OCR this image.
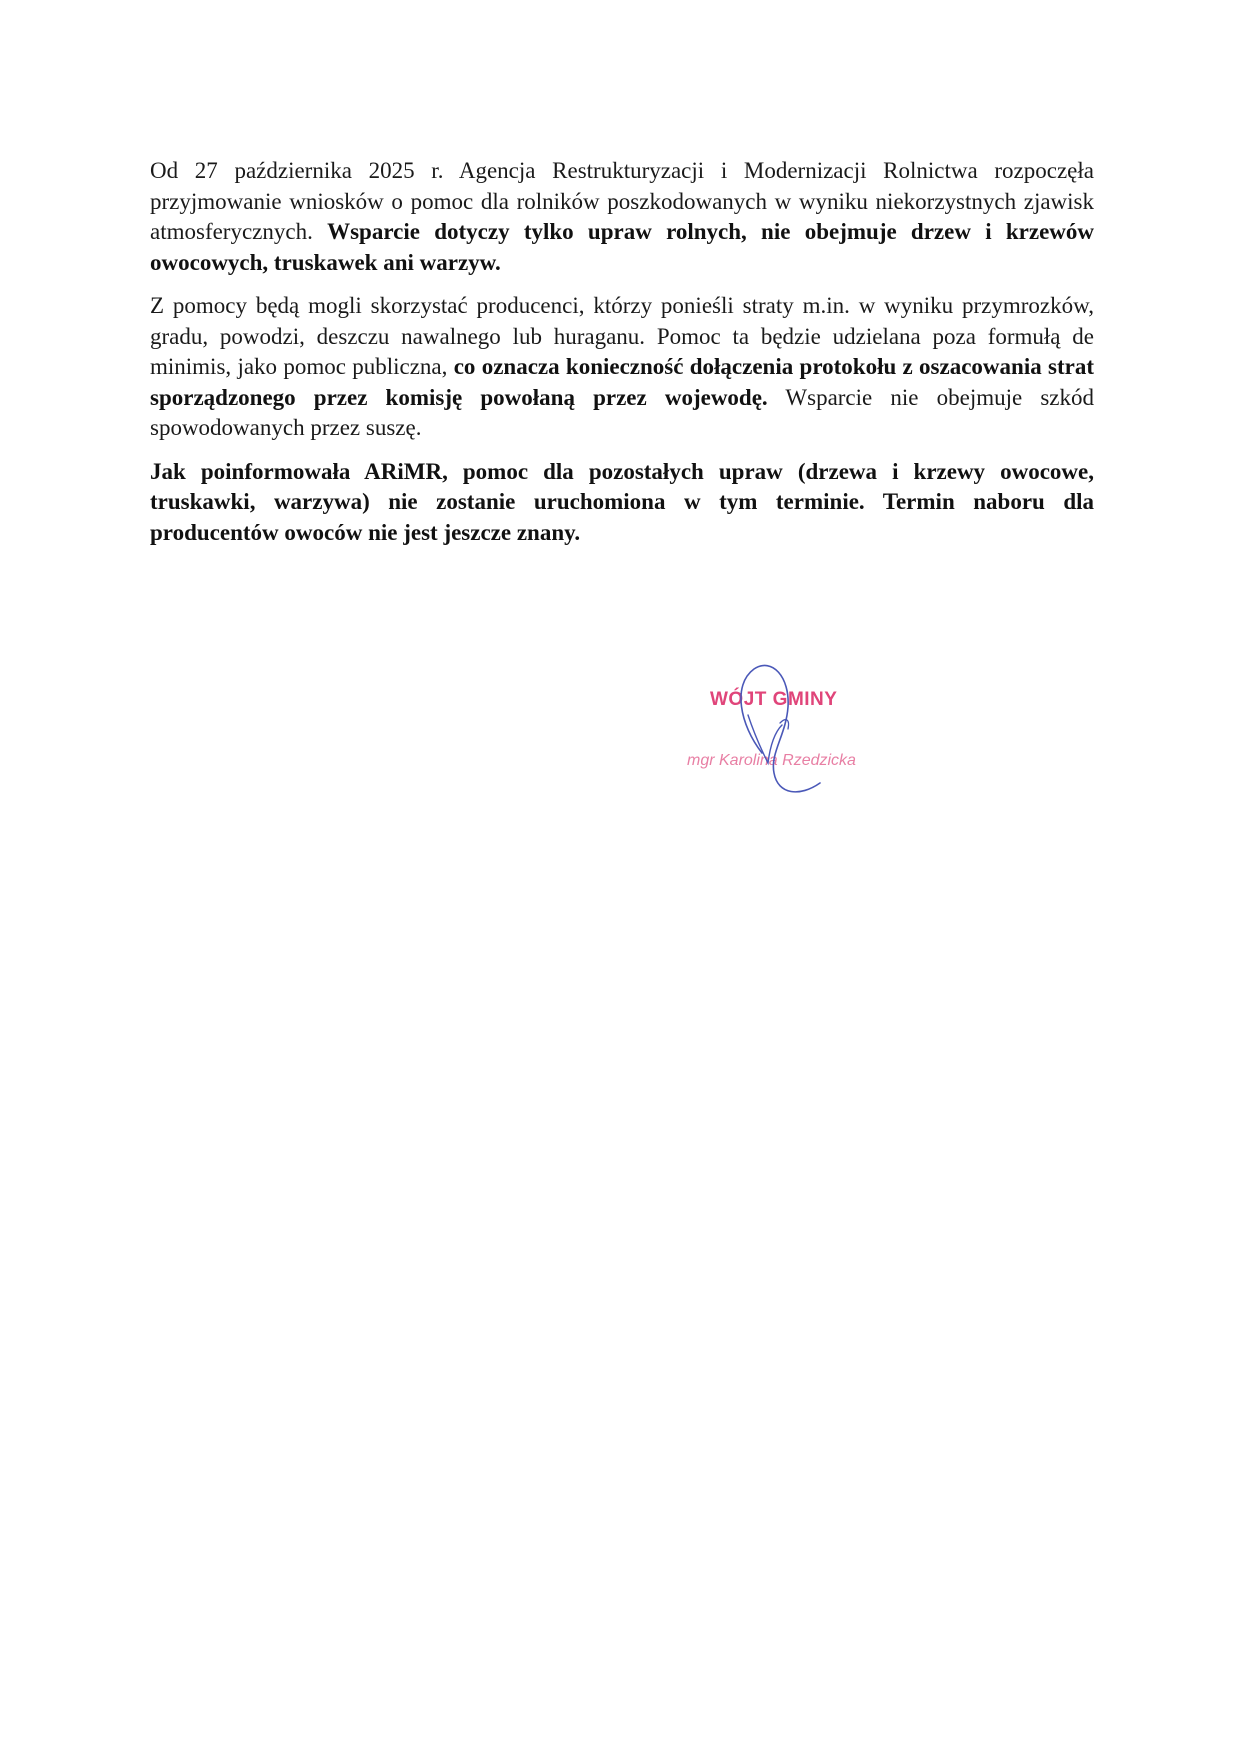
Od 27 października 2025 r. Agencja Restrukturyzacji i Modernizacji Rolnictwa rozpoczęła przyjmowanie wniosków o pomoc dla rolników poszkodowanych w wyniku niekorzystnych zjawisk atmosferycznych. Wsparcie dotyczy tylko upraw rolnych, nie obejmuje drzew i krzewów owocowych, truskawek ani warzyw.

Z pomocy będą mogli skorzystać producenci, którzy ponieśli straty m.in. w wyniku przymrozków, gradu, powodzi, deszczu nawalnego lub huraganu. Pomoc ta będzie udzielana poza formułą de minimis, jako pomoc publiczna, co oznacza konieczność dołączenia protokołu z oszacowania strat sporządzonego przez komisję powołaną przez wojewodę. Wsparcie nie obejmuje szkód spowodowanych przez suszę.

Jak poinformowała ARiMR, pomoc dla pozostałych upraw (drzewa i krzewy owocowe, truskawki, warzywa) nie zostanie uruchomiona w tym terminie. Termin naboru dla producentów owoców nie jest jeszcze znany.

WÓJT GMINY
mgr Karolina Rzedzicka
